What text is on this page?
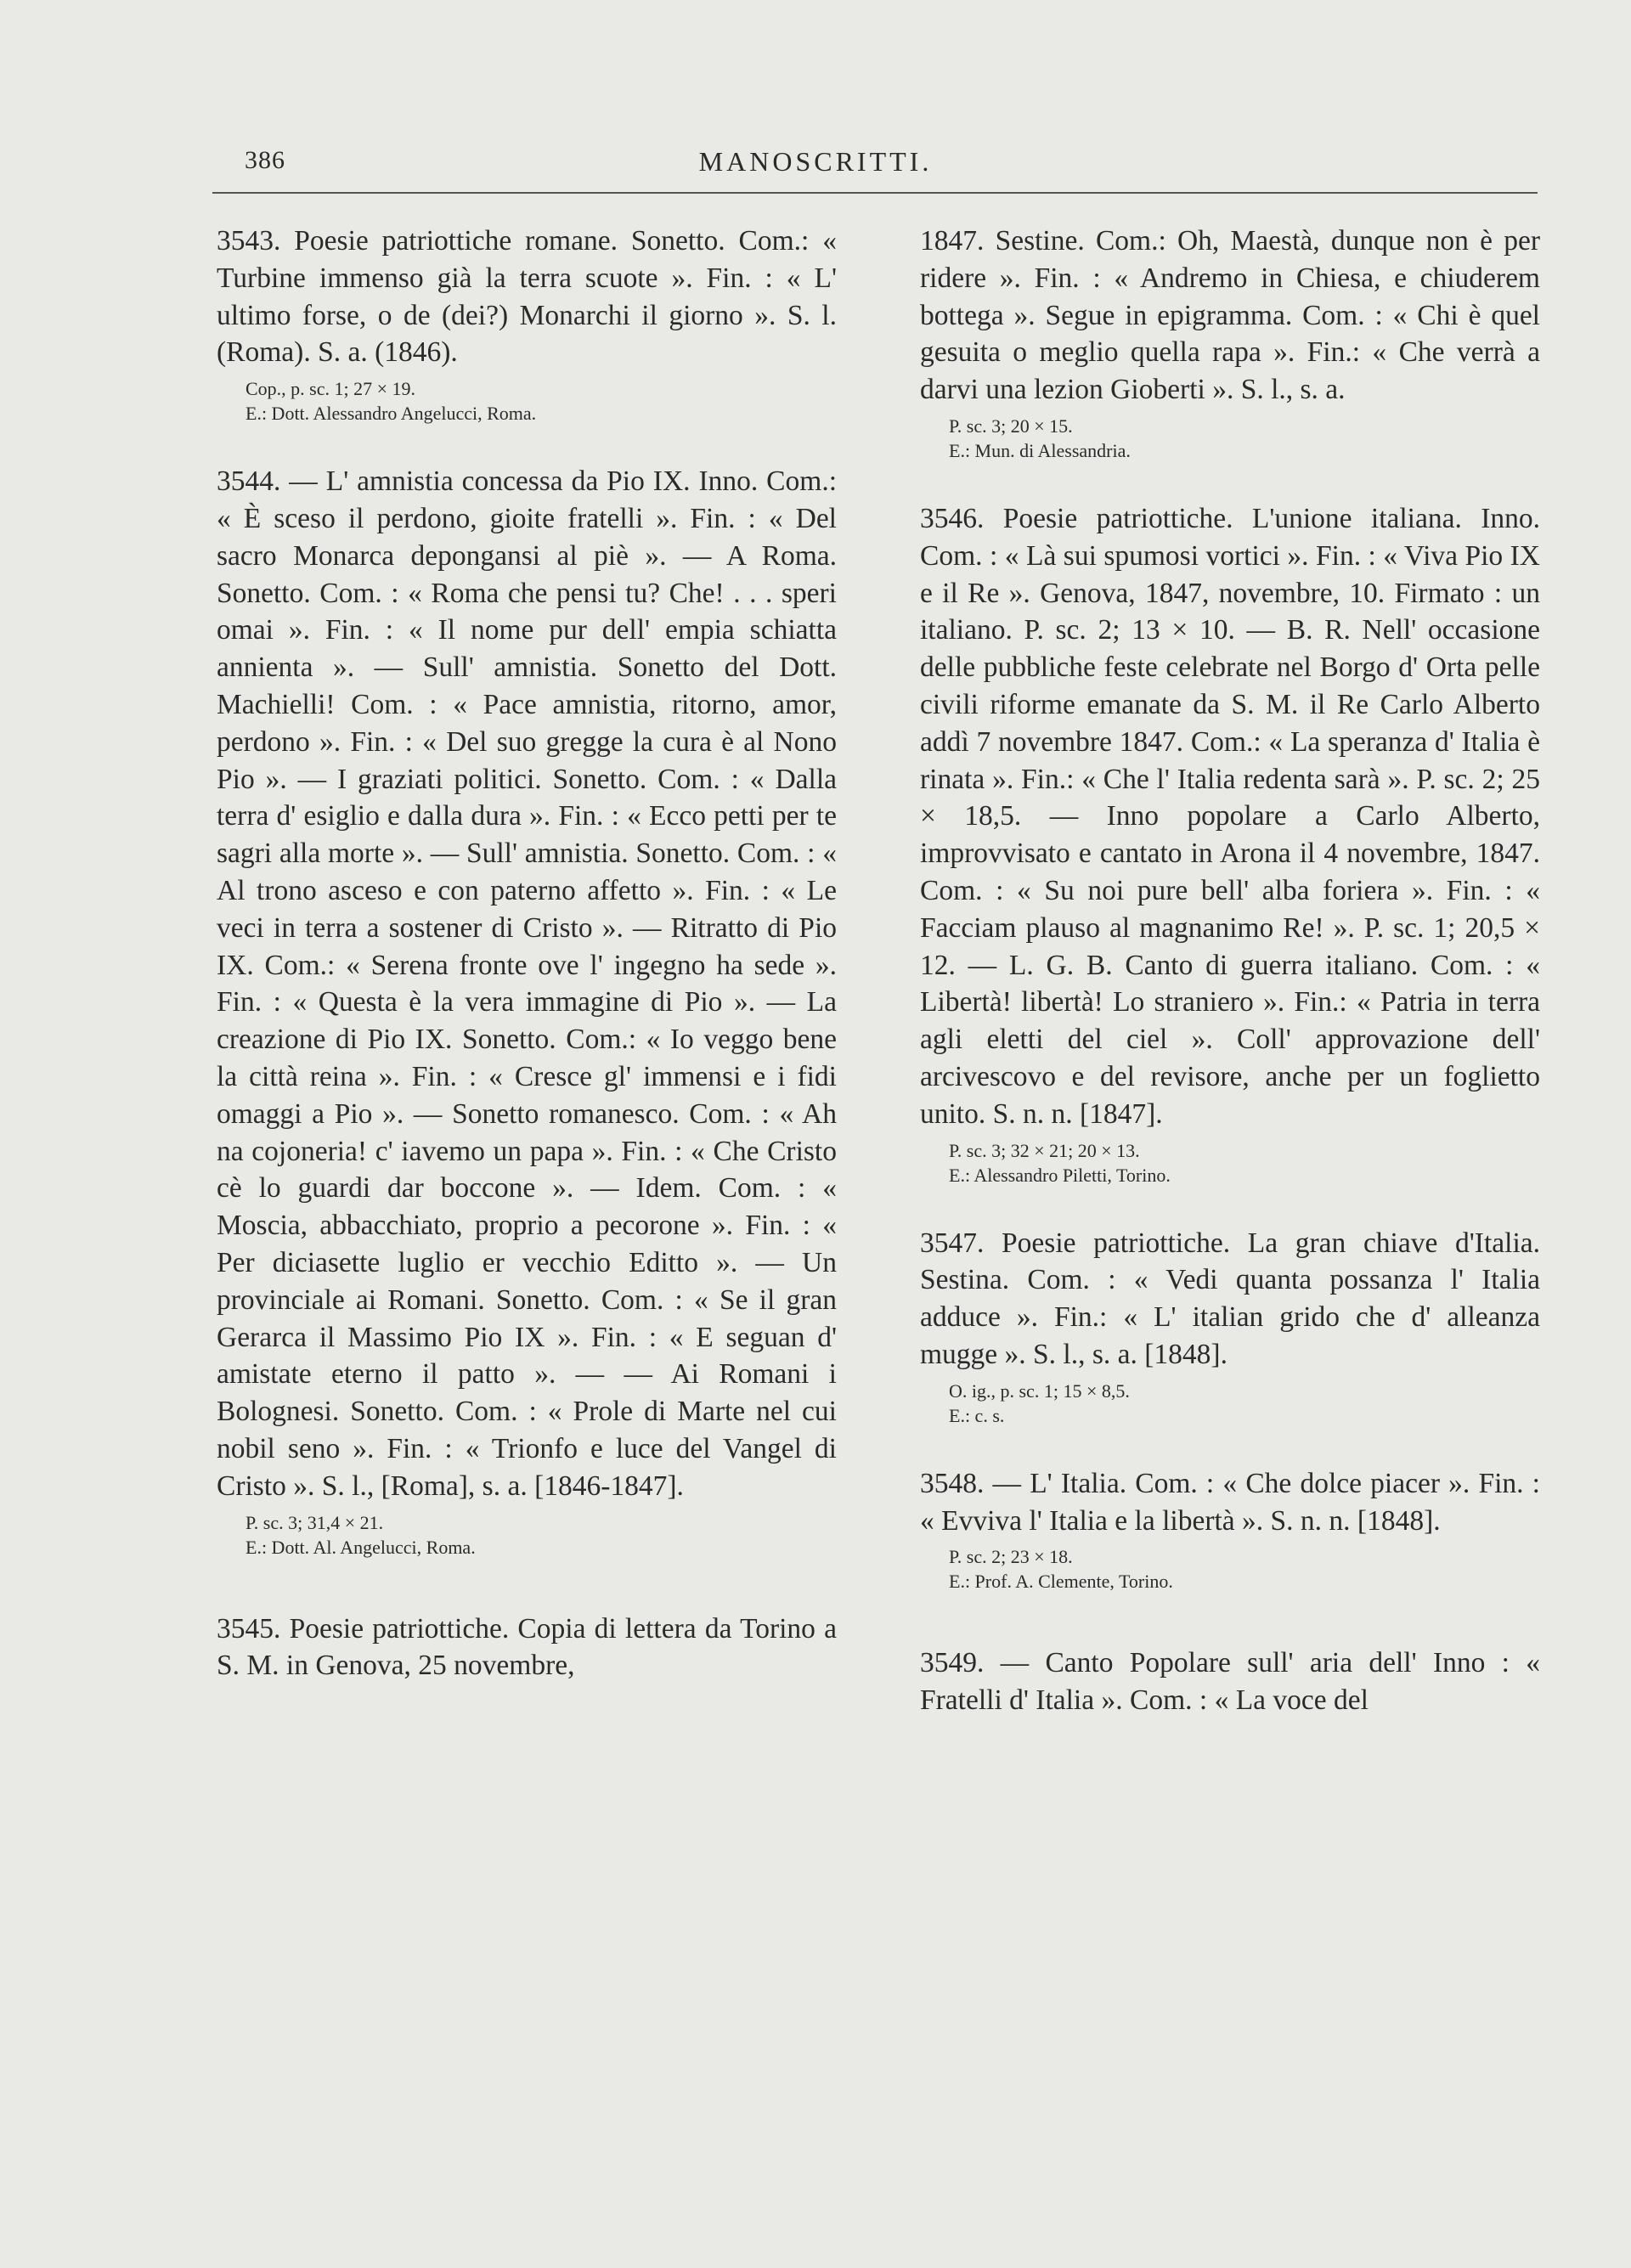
386	MANOSCRITTI.

3543. Poesie patriottiche romane. Sonetto. Com.: « Turbine immenso già la terra scuote ». Fin. : « L' ultimo forse, o de (dei?) Monarchi il giorno ». S. l. (Roma). S. a. (1846).

Cop., p. sc. 1; 27 × 19.

E.: Dott. Alessandro Angelucci, Roma.

3544. — L' amnistia concessa da Pio IX. Inno. Com.: « È sceso il perdono, gioite fratelli ». Fin. : « Del sacro Monarca depongansi al piè ». — A Roma. Sonetto. Com. : « Roma che pensi tu? Che! . . . speri omai ». Fin. : « Il nome pur dell' empia schiatta annienta ». — Sull' amnistia. Sonetto del Dott. Machielli! Com. : « Pace amnistia, ritorno, amor, perdono ». Fin. : « Del suo gregge la cura è al Nono Pio ». — I graziati politici. Sonetto. Com. : « Dalla terra d' esiglio e dalla dura ». Fin. : « Ecco petti per te sagri alla morte ». — Sull' amnistia. Sonetto. Com. : « Al trono asceso e con paterno affetto ». Fin. : « Le veci in terra a sostener di Cristo ». — Ritratto di Pio IX. Com.: « Serena fronte ove l' ingegno ha sede ». Fin. : « Questa è la vera immagine di Pio ». — La creazione di Pio IX. Sonetto. Com.: « Io veggo bene la città reina ». Fin. : « Cresce gl' immensi e i fidi omaggi a Pio ». — Sonetto romanesco. Com. : « Ah na cojoneria! c' iavemo un papa ». Fin. : « Che Cristo cè lo guardi dar boccone ». — Idem. Com. : « Moscia, abbacchiato, proprio a pecorone ». Fin. : « Per diciasette luglio er vecchio Editto ». — Un provinciale ai Romani. Sonetto. Com. : « Se il gran Gerarca il Massimo Pio IX ». Fin. : « E seguan d' amistate eterno il patto ». — — Ai Romani i Bolognesi. Sonetto. Com. : « Prole di Marte nel cui nobil seno ». Fin. : « Trionfo e luce del Vangel di Cristo ». S. l., [Roma], s. a. [1846-1847].

P. sc. 3; 31,4 × 21.

E.: Dott. Al. Angelucci, Roma.

3545. Poesie patriottiche. Copia di lettera da Torino a S. M. in Genova, 25 novembre,

1847. Sestine. Com.: Oh, Maestà, dunque non è per ridere ». Fin. : « Andremo in Chiesa, e chiuderem bottega ». Segue in epigramma. Com. : « Chi è quel gesuita o meglio quella rapa ». Fin.: « Che verrà a darvi una lezion Gioberti ». S. l., s. a.

P. sc. 3; 20 × 15.

E.: Mun. di Alessandria.

3546. Poesie patriottiche. L'unione italiana. Inno. Com. : « Là sui spumosi vortici ». Fin. : « Viva Pio IX e il Re ». Genova, 1847, novembre, 10. Firmato : un italiano. P. sc. 2; 13 × 10. — B. R. Nell' occasione delle pubbliche feste celebrate nel Borgo d' Orta pelle civili riforme emanate da S. M. il Re Carlo Alberto addì 7 novembre 1847. Com.: « La speranza d' Italia è rinata ». Fin.: « Che l' Italia redenta sarà ». P. sc. 2; 25 × 18,5. — Inno popolare a Carlo Alberto, improvvisato e cantato in Arona il 4 novembre, 1847. Com. : « Su noi pure bell' alba foriera ». Fin. : « Facciam plauso al magnanimo Re! ». P. sc. 1; 20,5 × 12. — L. G. B. Canto di guerra italiano. Com. : « Libertà! libertà! Lo straniero ». Fin.: « Patria in terra agli eletti del ciel ». Coll' approvazione dell' arcivescovo e del revisore, anche per un foglietto unito. S. n. n. [1847].

P. sc. 3; 32 × 21; 20 × 13.

E.: Alessandro Piletti, Torino.

3547. Poesie patriottiche. La gran chiave d'Italia. Sestina. Com. : « Vedi quanta possanza l' Italia adduce ». Fin.: « L' italian grido che d' alleanza mugge ». S. l., s. a. [1848].

O. ig., p. sc. 1; 15 × 8,5.

E.: c. s.

3548. — L' Italia. Com. : « Che dolce piacer ». Fin. : « Evviva l' Italia e la libertà ». S. n. n. [1848].

P. sc. 2; 23 × 18.

E.: Prof. A. Clemente, Torino.

3549. — Canto Popolare sull' aria dell' Inno : « Fratelli d' Italia ». Com. : « La voce del
